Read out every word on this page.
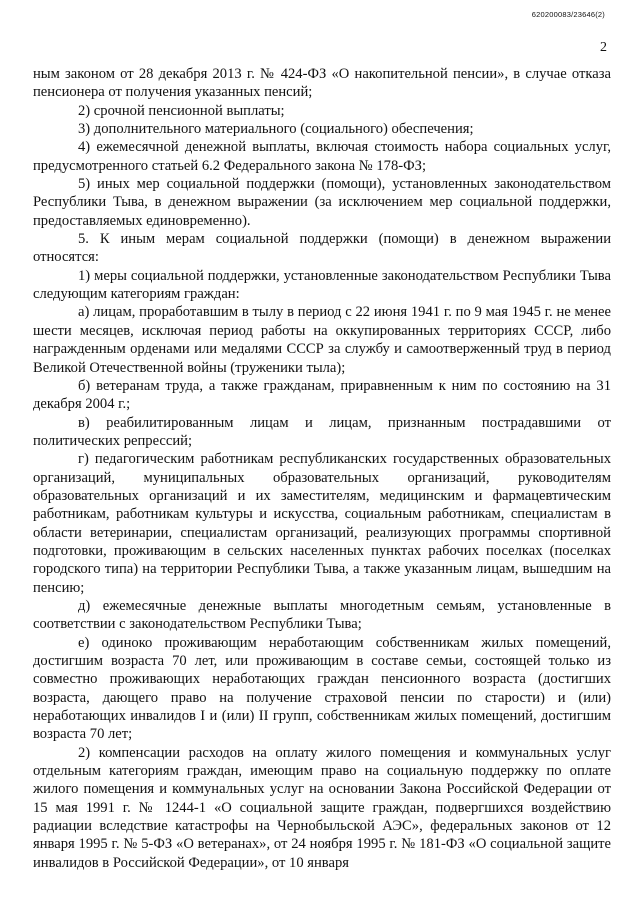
620200083/23646(2)
2

ным законом от 28 декабря 2013 г. № 424-ФЗ «О накопительной пенсии», в случае отказа пенсионера от получения указанных пенсий;

2) срочной пенсионной выплаты;

3) дополнительного материального (социального) обеспечения;

4) ежемесячной денежной выплаты, включая стоимость набора социальных услуг, предусмотренного статьей 6.2 Федерального закона № 178-ФЗ;

5) иных мер социальной поддержки (помощи), установленных законодательством Республики Тыва, в денежном выражении (за исключением мер социальной поддержки, предоставляемых единовременно).

5. К иным мерам социальной поддержки (помощи) в денежном выражении относятся:

1) меры социальной поддержки, установленные законодательством Республики Тыва следующим категориям граждан:

а) лицам, проработавшим в тылу в период с 22 июня 1941 г. по 9 мая 1945 г. не менее шести месяцев, исключая период работы на оккупированных территориях СССР, либо награжденным орденами или медалями СССР за службу и самоотверженный труд в период Великой Отечественной войны (труженики тыла);

б) ветеранам труда, а также гражданам, приравненным к ним по состоянию на 31 декабря 2004 г.;

в) реабилитированным лицам и лицам, признанным пострадавшими от политических репрессий;

г) педагогическим работникам республиканских государственных образовательных организаций, муниципальных образовательных организаций, руководителям образовательных организаций и их заместителям, медицинским и фармацевтическим работникам, работникам культуры и искусства, социальным работникам, специалистам в области ветеринарии, специалистам организаций, реализующих программы спортивной подготовки, проживающим в сельских населенных пунктах рабочих поселках (поселках городского типа) на территории Республики Тыва, а также указанным лицам, вышедшим на пенсию;

д) ежемесячные денежные выплаты многодетным семьям, установленные в соответствии с законодательством Республики Тыва;

е) одиноко проживающим неработающим собственникам жилых помещений, достигшим возраста 70 лет, или проживающим в составе семьи, состоящей только из совместно проживающих неработающих граждан пенсионного возраста (достигших возраста, дающего право на получение страховой пенсии по старости) и (или) неработающих инвалидов I и (или) II групп, собственникам жилых помещений, достигшим возраста 70 лет;

2) компенсации расходов на оплату жилого помещения и коммунальных услуг отдельным категориям граждан, имеющим право на социальную поддержку по оплате жилого помещения и коммунальных услуг на основании Закона Российской Федерации от 15 мая 1991 г. № 1244-1 «О социальной защите граждан, подвергшихся воздействию радиации вследствие катастрофы на Чернобыльской АЭС», федеральных законов от 12 января 1995 г. № 5-ФЗ «О ветеранах», от 24 ноября 1995 г. № 181-ФЗ «О социальной защите инвалидов в Российской Федерации», от 10 января
